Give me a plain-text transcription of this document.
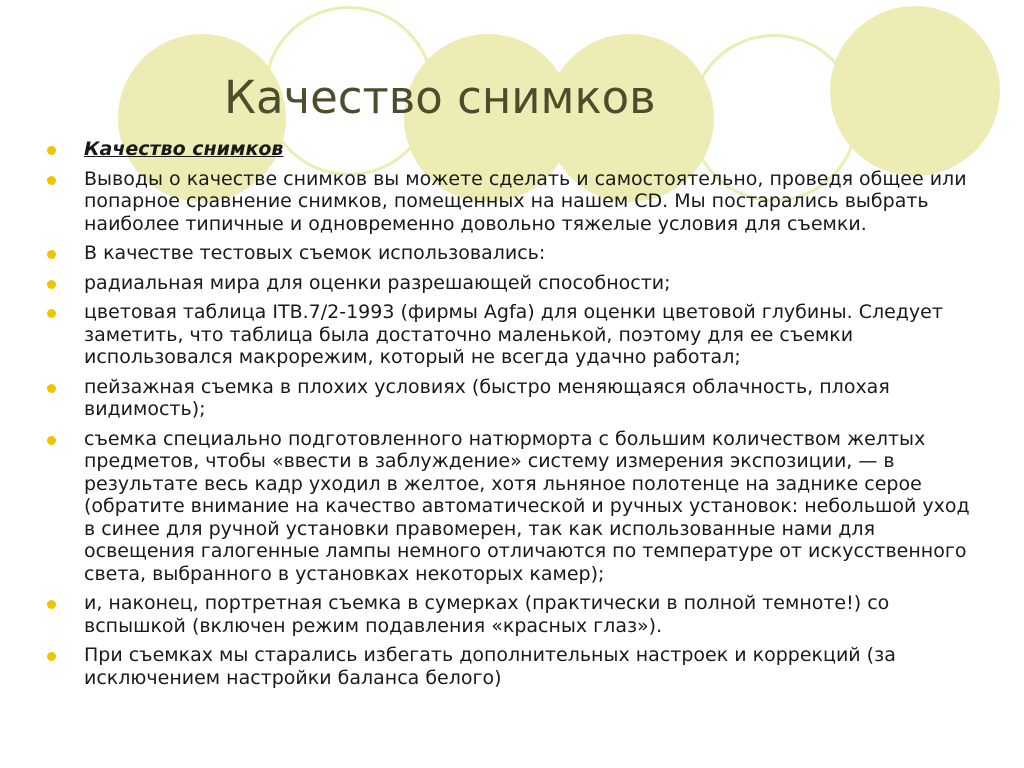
Качество снимков
Качество снимков
Выводы о качестве снимков вы можете сделать и самостоятельно, проведя общее или попарное сравнение снимков, помещенных на нашем CD. Мы постарались выбрать наиболее типичные и одновременно довольно тяжелые условия для съемки.
В качестве тестовых съемок использовались:
радиальная мира для оценки разрешающей способности;
цветовая таблица ITB.7/2-1993 (фирмы Agfa) для оценки цветовой глубины. Следует заметить, что таблица была достаточно маленькой, поэтому для ее съемки использовался макрорежим, который не всегда удачно работал;
пейзажная съемка в плохих условиях (быстро меняющаяся облачность, плохая видимость);
съемка специально подготовленного натюрморта с большим количеством желтых предметов, чтобы «ввести в заблуждение» систему измерения экспозиции, — в результате весь кадр уходил в желтое, хотя льняное полотенце на заднике серое (обратите внимание на качество автоматической и ручных установок: небольшой уход в синее для ручной установки правомерен, так как использованные нами для освещения галогенные лампы немного отличаются по температуре от искусственного света, выбранного в установках некоторых камер);
и, наконец, портретная съемка в сумерках (практически в полной темноте!) со вспышкой (включен режим подавления «красных глаз»).
При съемках мы старались избегать дополнительных настроек и коррекций (за исключением настройки баланса белого)
